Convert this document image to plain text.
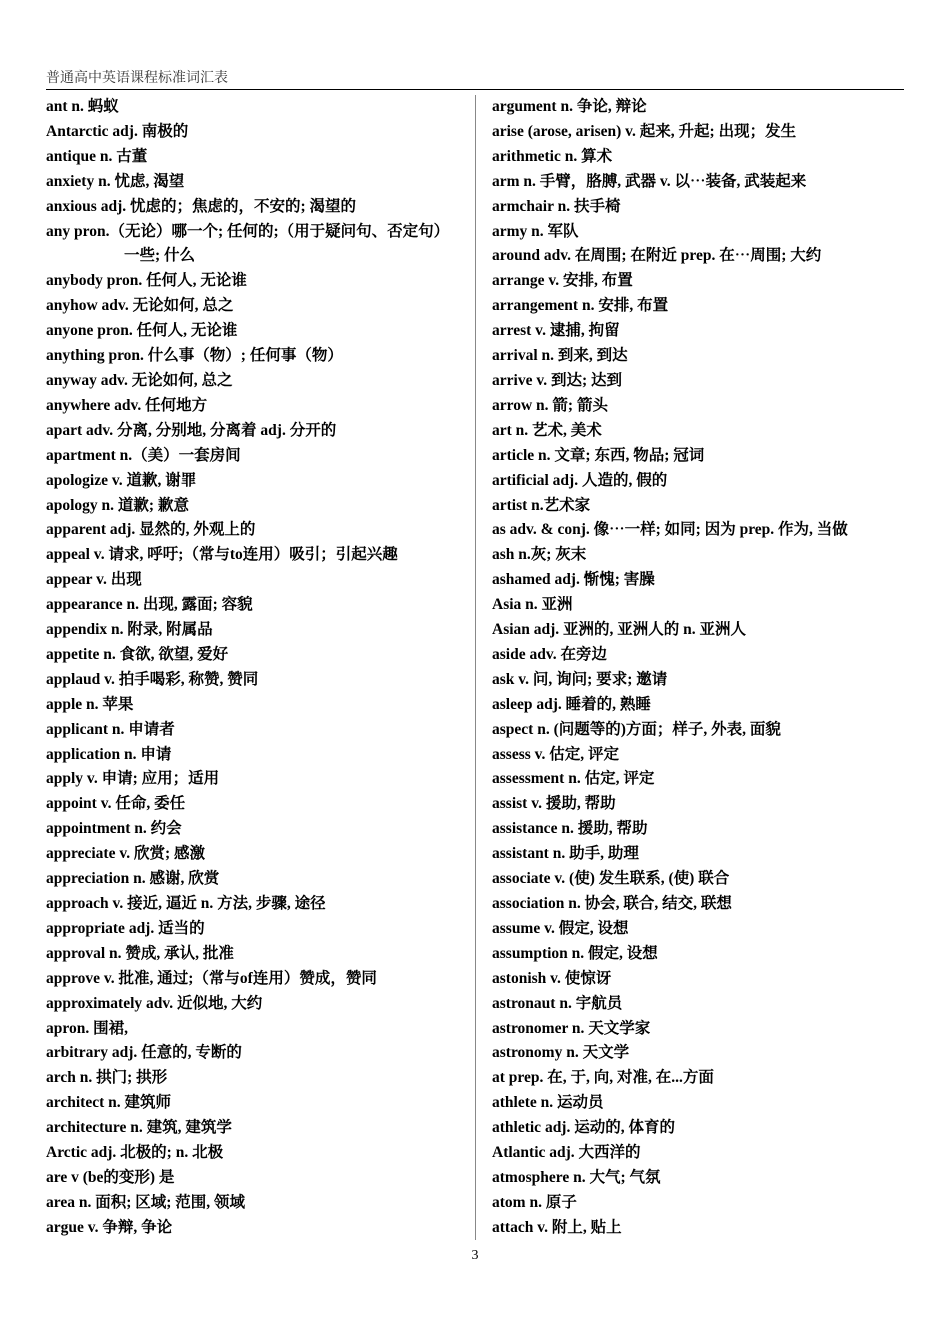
普通高中英语课程标准词汇表
ant n. 蚂蚁
Antarctic adj. 南极的
antique n. 古董
anxiety n. 忧虑, 渴望
anxious adj. 忧虑的；焦虑的，不安的; 渴望的
any pron.（无论）哪一个; 任何的;（用于疑问句、否定句）
一些; 什么
anybody pron. 任何人, 无论谁
anyhow adv. 无论如何, 总之
anyone pron. 任何人, 无论谁
anything pron. 什么事（物）; 任何事（物）
anyway adv. 无论如何, 总之
anywhere adv. 任何地方
apart adv. 分离, 分别地, 分离着 adj. 分开的
apartment n.（美）一套房间
apologize v. 道歉, 谢罪
apology n. 道歉; 歉意
apparent adj. 显然的, 外观上的
appeal v. 请求, 呼吁;（常与to连用）吸引；引起兴趣
appear v. 出现
appearance n. 出现, 露面; 容貌
appendix n. 附录, 附属品
appetite n. 食欲, 欲望, 爱好
applaud v. 拍手喝彩, 称赞, 赞同
apple n. 苹果
applicant n. 申请者
application n. 申请
apply v. 申请; 应用；适用
appoint v. 任命, 委任
appointment n. 约会
appreciate v. 欣赏; 感激
appreciation n. 感谢, 欣赏
approach v. 接近, 逼近 n. 方法, 步骤, 途径
appropriate adj. 适当的
approval n. 赞成, 承认, 批准
approve v. 批准, 通过;（常与of连用）赞成，赞同
approximately adv. 近似地, 大约
apron. 围裙,
arbitrary adj. 任意的, 专断的
arch n. 拱门; 拱形
architect n. 建筑师
architecture n. 建筑, 建筑学
Arctic adj. 北极的; n. 北极
are v (be的变形) 是
area n. 面积; 区域; 范围, 领域
argue v. 争辩, 争论
argument n. 争论, 辩论
arise (arose, arisen) v. 起来, 升起; 出现；发生
arithmetic n. 算术
arm n. 手臂，胳膊, 武器 v. 以⋯装备, 武装起来
armchair n. 扶手椅
army n. 军队
around adv. 在周围; 在附近 prep. 在⋯周围; 大约
arrange v. 安排, 布置
arrangement n. 安排, 布置
arrest v. 逮捕, 拘留
arrival n. 到来, 到达
arrive v. 到达; 达到
arrow n. 箭; 箭头
art n. 艺术, 美术
article n. 文章; 东西, 物品; 冠词
artificial adj. 人造的, 假的
artist n.艺术家
as adv. & conj. 像⋯一样; 如同; 因为 prep. 作为, 当做
ash n.灰; 灰末
ashamed adj. 惭愧; 害臊
Asia n. 亚洲
Asian adj. 亚洲的, 亚洲人的 n. 亚洲人
aside adv. 在旁边
ask v. 问, 询问; 要求; 邀请
asleep adj. 睡着的, 熟睡
aspect n. (问题等的)方面；样子, 外表, 面貌
assess v. 估定, 评定
assessment n. 估定, 评定
assist v. 援助, 帮助
assistance n. 援助, 帮助
assistant n. 助手, 助理
associate v. (使) 发生联系, (使) 联合
association n. 协会, 联合, 结交, 联想
assume v. 假定, 设想
assumption n. 假定, 设想
astonish v. 使惊讶
astronaut n. 宇航员
astronomer n. 天文学家
astronomy n. 天文学
at prep. 在, 于, 向, 对准, 在...方面
athlete n. 运动员
athletic adj. 运动的, 体育的
Atlantic adj. 大西洋的
atmosphere n. 大气; 气氛
atom n. 原子
attach v. 附上, 贴上
3
